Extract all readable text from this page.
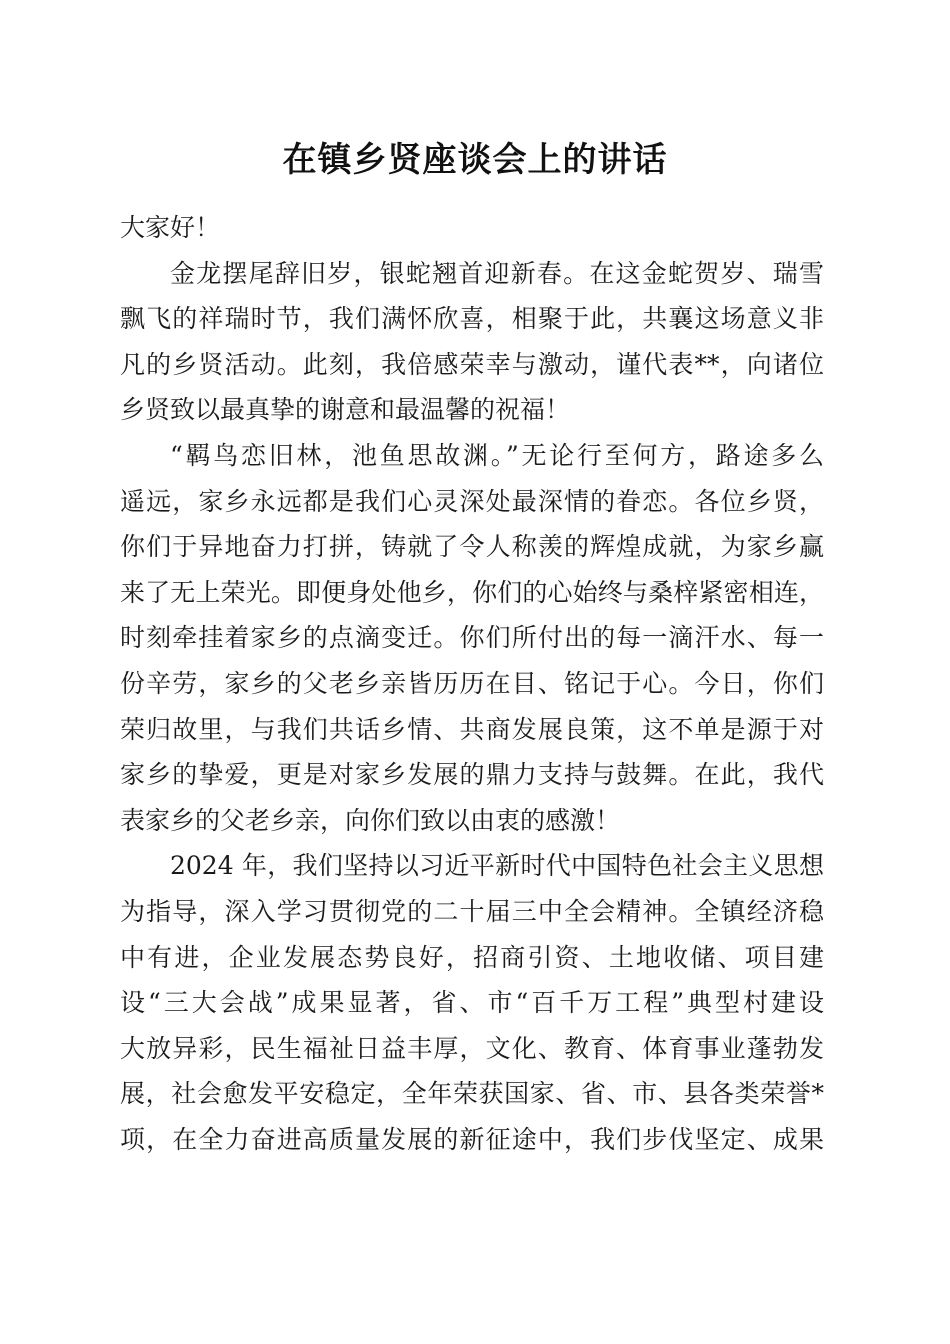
在镇乡贤座谈会上的讲话
大家好！
金龙摆尾辞旧岁，银蛇翘首迎新春。在这金蛇贺岁、瑞雪
飘飞的祥瑞时节，我们满怀欣喜，相聚于此，共襄这场意义非
凡的乡贤活动。此刻，我倍感荣幸与激动，谨代表**，向诸位
乡贤致以最真挚的谢意和最温馨的祝福！
“羁鸟恋旧林，池鱼思故渊。”无论行至何方，路途多么
遥远，家乡永远都是我们心灵深处最深情的眷恋。各位乡贤，
你们于异地奋力打拼，铸就了令人称羡的辉煌成就，为家乡赢
来了无上荣光。即便身处他乡，你们的心始终与桑梓紧密相连，
时刻牵挂着家乡的点滴变迁。你们所付出的每一滴汗水、每一
份辛劳，家乡的父老乡亲皆历历在目、铭记于心。今日，你们
荣归故里，与我们共话乡情、共商发展良策，这不单是源于对
家乡的挚爱，更是对家乡发展的鼎力支持与鼓舞。在此，我代
表家乡的父老乡亲，向你们致以由衷的感激！
2024 年，我们坚持以习近平新时代中国特色社会主义思想
为指导，深入学习贯彻党的二十届三中全会精神。全镇经济稳
中有进，企业发展态势良好，招商引资、土地收储、项目建
设“三大会战”成果显著，省、市“百千万工程”典型村建设
大放异彩，民生福祉日益丰厚，文化、教育、体育事业蓬勃发
展，社会愈发平安稳定，全年荣获国家、省、市、县各类荣誉*
项，在全力奋进高质量发展的新征途中，我们步伐坚定、成果
